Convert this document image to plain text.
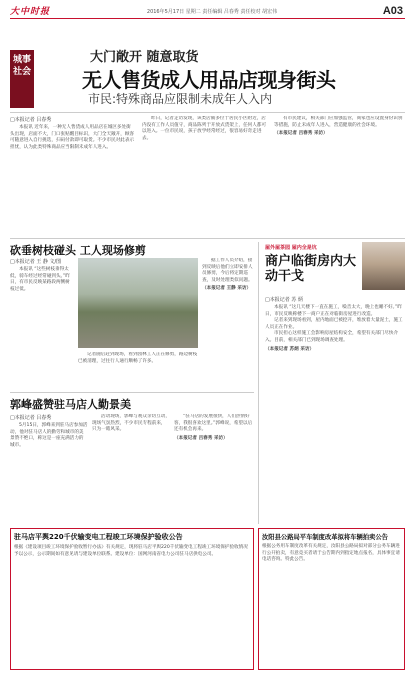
大中时报	2016年5月17日 星期二 责任编辑 吕春秀 责任校对 胡宏伟	A03
城事社会
大门敞开 随意取货
无人售货成人用品店现身街头
市民:特殊商品应限制未成年人入内
□本报记者 吕春秀

本报讯 近年来，一种无人售货成人用品店在城区多处街头出现，店面不大，门口张贴醒目标识，大门全天敞开，顾客可随意进入自行挑选，扫码付款即可取货。不少市民对此表示担忧，认为此类特殊商品应当限制未成年人进入。

昨日，记者走访发现，该类店铺多位于居民小区附近，店内没有工作人员值守，商品陈列于开放式货架上，任何人都可以进入。一位市民说，孩子放学经常经过，很容易好奇走进去。

有市民建议，相关部门应加强监管，商家也应设置身份识别等措施，防止未成年人进入，营造健康的社会环境。

（本报记者 吕春秀 采访）

砍垂树枝碰头 工人现场修剪
□本报记者 王 静 文/图

本报讯 “这些树枝垂得太低，骑车经过经常碰到头。”昨日，有市民反映某路段两侧树枝过低。

记者随后赶到现场，看到园林工人正在修剪，路边树枝已被清理，过往行人通行顺畅了许多。

据工作人员介绍，接到反映后他们立即安排人员修剪，今后将定期巡查，及时处理类似问题。

（本报记者 王静 采访）

屋外屋茶园 屋内全是坑
商户临街房内大动干戈
□本报记者 苏 炳

本报讯 “这几天楼下一直在施工，噪音太大，晚上也睡不好。”昨日，市民反映称楼下一商户正在对临街房屋进行改造。

记者来到现场看到，屋内地面已被挖开，堆放着大量泥土，施工人员正在作业。

市民担心这样施工会影响房屋结构安全，希望有关部门尽快介入。目前，相关部门已到现场调查处理。

（本报记者 苏炳 采访）

郭峰盛赞驻马店人勤景美
□本报记者 吕春秀

5月15日，郭峰来到驻马店参加活动，他对驻马店人的勤劳和城市的美景赞不绝口，称这是一座充满活力的城市。

活动现场，郭峰与观众亲切互动，现场气氛热烈，不少市民专程前来，只为一睹风采。

“驻马店的发展很快，人们热情好客，我很喜欢这里。”郭峰说，希望以后还有机会再来。

（本报记者 吕春秀 采访）

驻马店平舆220千伏输变电工程竣工环境保护验收公告

根据《建设项目竣工环境保护验收暂行办法》有关规定，现将驻马店平舆220千伏输变电工程竣工环境保护验收情况予以公示，公示期间如有意见请与建设单位联系。建设单位：国网河南省电力公司驻马店供电公司。

汝阳县公路局平车制度改革拟将车辆拍卖公告

根据公务用车制度改革有关规定，汝阳县公路局拟对部分公务车辆进行公开拍卖，有意竞买者请于公告期内到指定地点报名，具体事宜请电话咨询。特此公告。
